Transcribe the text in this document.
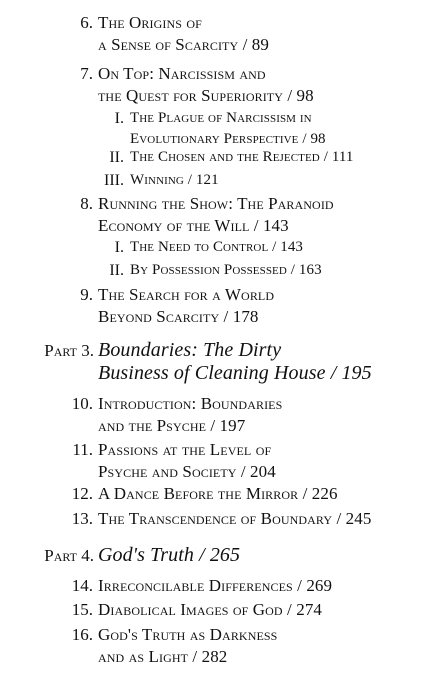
6. The Origins of
a Sense of Scarcity / 89
7. On Top: Narcissism and
the Quest for Superiority / 98
I. The Plague of Narcissism in
Evolutionary Perspective / 98
II. The Chosen and the Rejected / 111
III. Winning / 121
8. Running the Show: The Paranoid
Economy of the Will / 143
I. The Need to Control / 143
II. By Possession Possessed / 163
9. The Search for a World
Beyond Scarcity / 178
Part 3. Boundaries: The Dirty
Business of Cleaning House / 195
10. Introduction: Boundaries
and the Psyche / 197
11. Passions at the Level of
Psyche and Society / 204
12. A Dance Before the Mirror / 226
13. The Transcendence of Boundary / 245
Part 4. God's Truth / 265
14. Irreconcilable Differences / 269
15. Diabolical Images of God / 274
16. God's Truth as Darkness
and as Light / 282
